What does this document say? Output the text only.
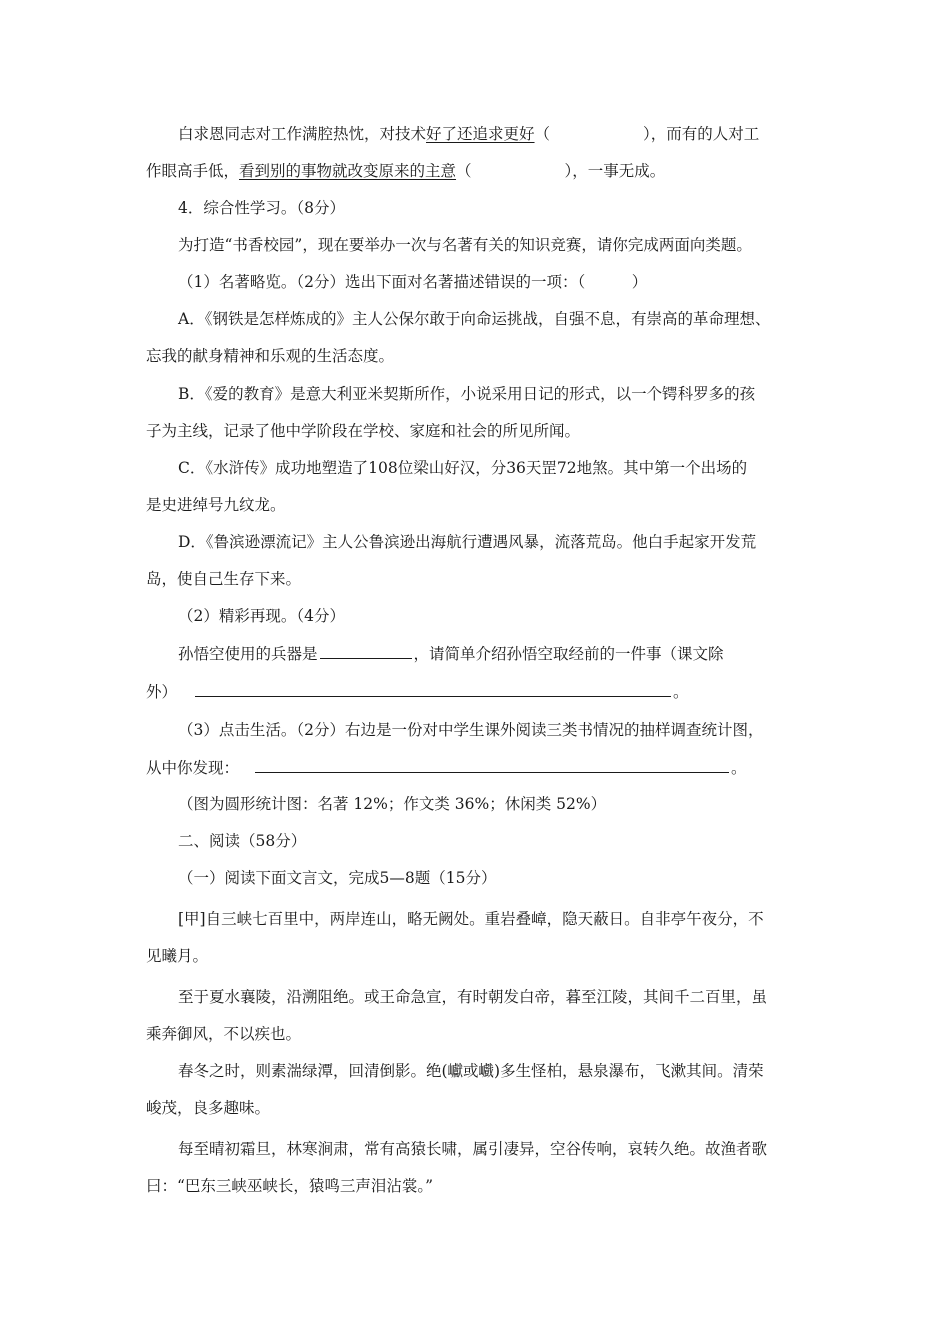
白求恩同志对工作满腔热忱，对技术好了还追求更好（　　　　　　），而有的人对工
作眼高手低，看到别的事物就改变原来的主意（　　　　　　），一事无成。
4．综合性学习。（8分）
为打造“书香校园”，现在要举办一次与名著有关的知识竞赛，请你完成两面向类题。
（1）名著略览。（2分）选出下面对名著描述错误的一项：（　　　）
A．《钢铁是怎样炼成的》主人公保尔敢于向命运挑战，自强不息，有崇高的革命理想、
忘我的献身精神和乐观的生活态度。
B．《爱的教育》是意大利亚米契斯所作，小说采用日记的形式，以一个锷科罗多的孩
子为主线，记录了他中学阶段在学校、家庭和社会的所见所闻。
C．《水浒传》成功地塑造了108位梁山好汉，分36天罡72地煞。其中第一个出场的
是史进绰号九纹龙。
D．《鲁滨逊漂流记》主人公鲁滨逊出海航行遭遇风暴，流落荒岛。他白手起家开发荒
岛，使自己生存下来。
（2）精彩再现。（4分）
孙悟空使用的兵器是	，请简单介绍孙悟空取经前的一件事（课文除
外）	。
（3）点击生活。（2分）右边是一份对中学生课外阅读三类书情况的抽样调查统计图，
从中你发现：	。
（图为圆形统计图：名著 12%；作文类 36%；休闲类 52%）
二、阅读（58分）
（一）阅读下面文言文，完成5—8题（15分）
[甲]自三峡七百里中，两岸连山，略无阙处。重岩叠嶂，隐天蔽日。自非亭午夜分，不
见曦月。
至于夏水襄陵，沿溯阻绝。或王命急宣，有时朝发白帝，暮至江陵，其间千二百里，虽
乘奔御风，不以疾也。
春冬之时，则素湍绿潭，回清倒影。绝(巘或巇)多生怪柏，悬泉瀑布，飞漱其间。清荣
峻茂，良多趣味。
每至晴初霜旦，林寒涧肃，常有高猿长啸，属引凄异，空谷传响，哀转久绝。故渔者歌
曰：“巴东三峡巫峡长，猿鸣三声泪沾裳。”
